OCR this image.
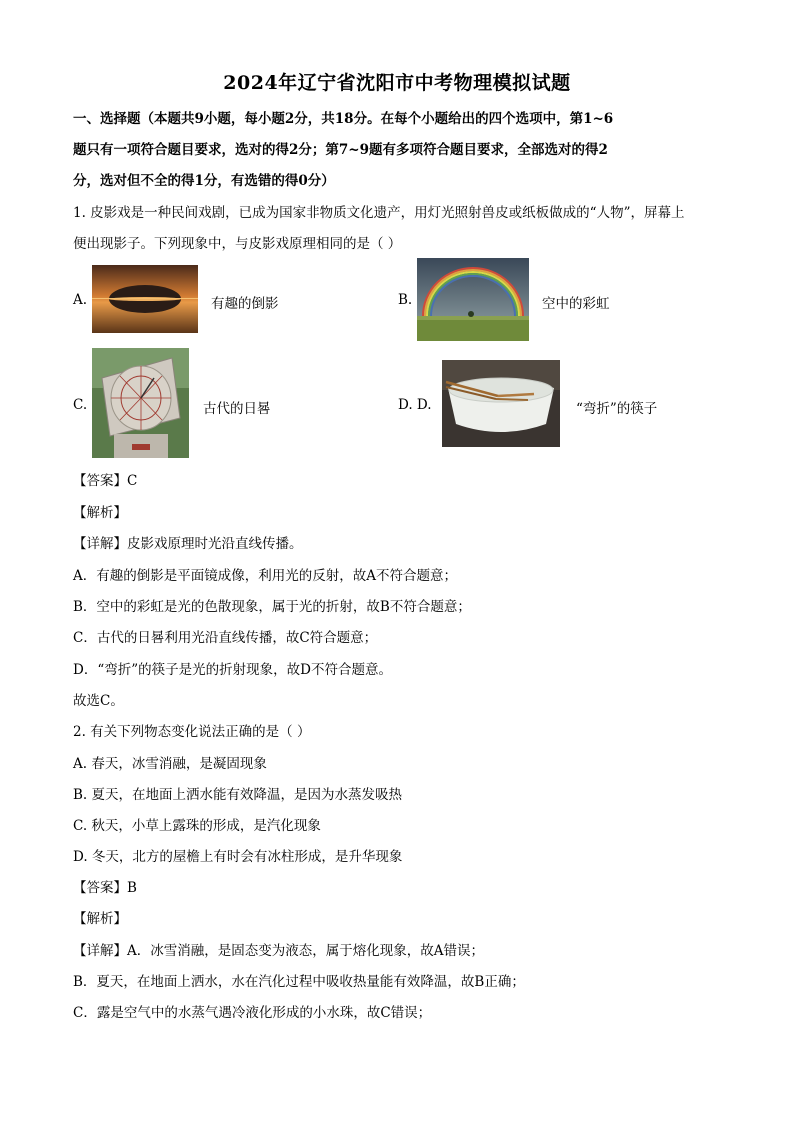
2024年辽宁省沈阳市中考物理模拟试题
一、选择题（本题共9小题，每小题2分，共18分。在每个小题给出的四个选项中，第1~6
题只有一项符合题目要求，选对的得2分；第7~9题有多项符合题目要求，全部选对的得2
分，选对但不全的得1分，有选错的得0分）
1. 皮影戏是一种民间戏剧，已成为国家非物质文化遗产，用灯光照射兽皮或纸板做成的“人物”，屏幕上
便出现影子。下列现象中，与皮影戏原理相同的是（ ）
A.	有趣的倒影	B.	空中的彩虹
C.	古代的日晷	D. D.	“弯折”的筷子
【答案】C
【解析】
【详解】皮影戏原理时光沿直线传播。
A．有趣的倒影是平面镜成像，利用光的反射，故A不符合题意；
B．空中的彩虹是光的色散现象，属于光的折射，故B不符合题意；
C．古代的日晷利用光沿直线传播，故C符合题意；
D．“弯折”的筷子是光的折射现象，故D不符合题意。
故选C。
2. 有关下列物态变化说法正确的是（ ）
A. 春天，冰雪消融，是凝固现象
B. 夏天，在地面上洒水能有效降温，是因为水蒸发吸热
C. 秋天，小草上露珠的形成，是汽化现象
D. 冬天，北方的屋檐上有时会有冰柱形成，是升华现象
【答案】B
【解析】
【详解】A．冰雪消融，是固态变为液态，属于熔化现象，故A错误；
B．夏天，在地面上洒水，水在汽化过程中吸收热量能有效降温，故B正确；
C．露是空气中的水蒸气遇冷液化形成的小水珠，故C错误；
